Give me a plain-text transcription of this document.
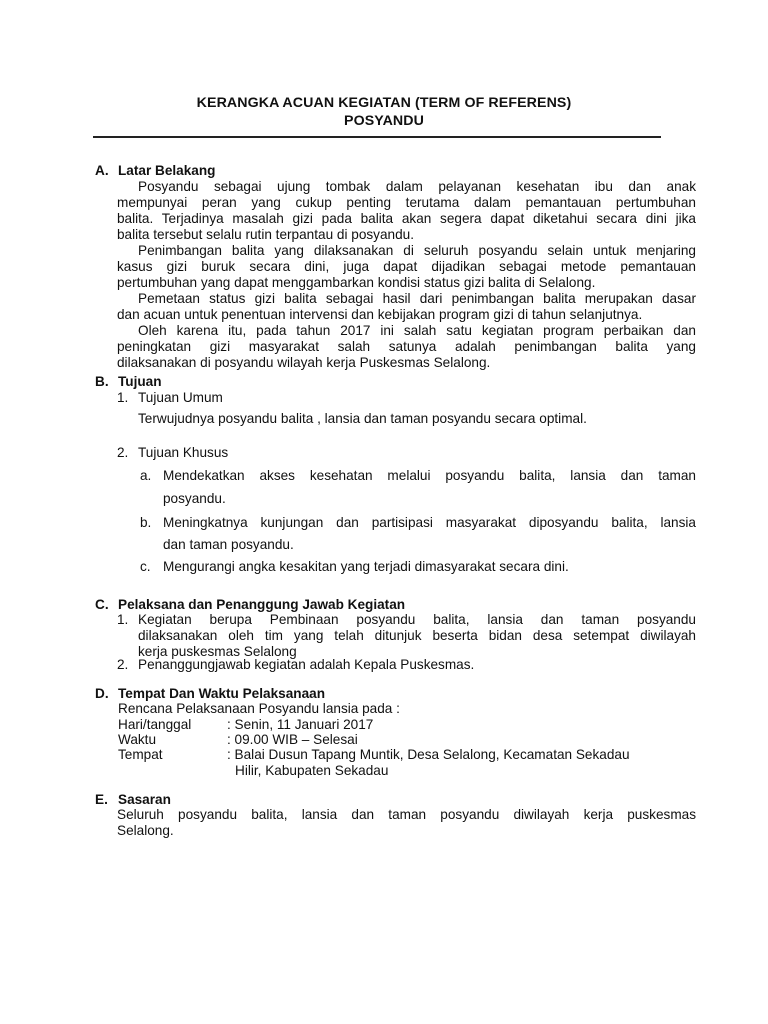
KERANGKA ACUAN KEGIATAN (TERM OF REFERENS)
POSYANDU
A. Latar Belakang
Posyandu sebagai ujung tombak dalam pelayanan kesehatan ibu dan anak
mempunyai peran yang cukup penting terutama dalam pemantauan pertumbuhan
balita. Terjadinya masalah gizi pada balita akan segera dapat diketahui secara dini jika
balita tersebut selalu rutin terpantau di posyandu.
Penimbangan balita yang dilaksanakan di seluruh posyandu selain untuk menjaring
kasus gizi buruk secara dini, juga dapat dijadikan sebagai metode pemantauan
pertumbuhan yang dapat menggambarkan kondisi status gizi balita di Selalong.
Pemetaan status gizi balita sebagai hasil dari penimbangan balita merupakan dasar
dan acuan untuk penentuan intervensi dan kebijakan program gizi di tahun selanjutnya.
Oleh karena itu, pada tahun 2017 ini salah satu kegiatan program perbaikan dan
peningkatan gizi masyarakat salah satunya adalah penimbangan balita yang
dilaksanakan di posyandu wilayah kerja Puskesmas Selalong.
B. Tujuan
1. Tujuan Umum
Terwujudnya posyandu balita , lansia dan taman posyandu secara optimal.
2. Tujuan Khusus
a. Mendekatkan akses kesehatan melalui posyandu balita, lansia dan taman
posyandu.
b. Meningkatnya kunjungan dan partisipasi masyarakat diposyandu balita, lansia
dan taman posyandu.
c. Mengurangi angka kesakitan yang terjadi dimasyarakat secara dini.
C. Pelaksana dan Penanggung Jawab Kegiatan
1. Kegiatan berupa Pembinaan posyandu balita, lansia dan taman posyandu
dilaksanakan oleh tim yang telah ditunjuk beserta bidan desa setempat diwilayah
kerja puskesmas Selalong
2. Penanggungjawab kegiatan adalah Kepala Puskesmas.
D. Tempat Dan Waktu Pelaksanaan
Rencana Pelaksanaan Posyandu lansia pada :
Hari/tanggal	: Senin, 11 Januari 2017
Waktu	: 09.00 WIB – Selesai
Tempat	: Balai Dusun Tapang Muntik, Desa Selalong, Kecamatan Sekadau
Hilir, Kabupaten Sekadau
E. Sasaran
Seluruh posyandu balita, lansia dan taman posyandu diwilayah kerja puskesmas
Selalong.
